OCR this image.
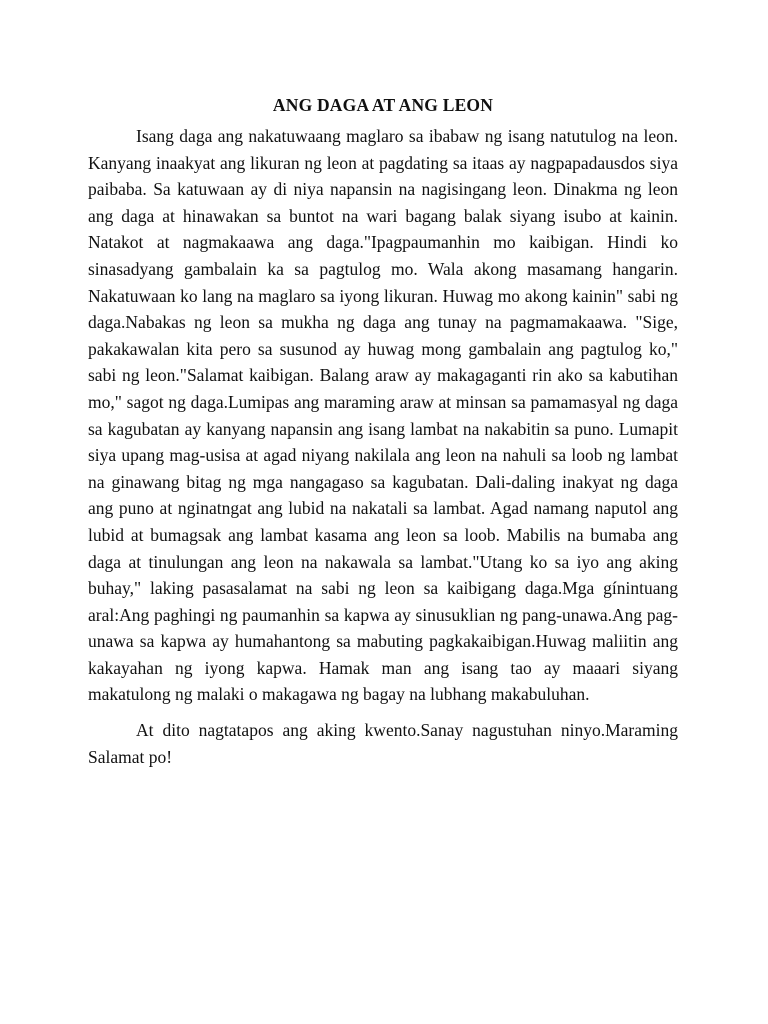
ANG DAGA AT ANG LEON

Isang daga ang nakatuwaang maglaro sa ibabaw ng isang natutulog na leon. Kanyang inaakyat ang likuran ng leon at pagdating sa itaas ay nagpapadausdos siya paibaba. Sa katuwaan ay di niya napansin na nagisingang leon. Dinakma ng leon ang daga at hinawakan sa buntot na wari bagang balak siyang isubo at kainin. Natakot at nagmakaawa ang daga."Ipagpaumanhin mo kaibigan. Hindi ko sinasadyang gambalain ka sa pagtulog mo. Wala akong masamang hangarin. Nakatuwaan ko lang na maglaro sa iyong likuran. Huwag mo akong kainin" sabi ng daga.Nabakas ng leon sa mukha ng daga ang tunay na pagmamakaawa. "Sige, pakakawalan kita pero sa susunod ay huwag mong gambalain ang pagtulog ko," sabi ng leon."Salamat kaibigan. Balang araw ay makagaganti rin ako sa kabutihan mo," sagot ng daga.Lumipas ang maraming araw at minsan sa pamamasyal ng daga sa kagubatan ay kanyang napansin ang isang lambat na nakabitin sa puno. Lumapit siya upang mag-usisa at agad niyang nakilala ang leon na nahuli sa loob ng lambat na ginawang bitag ng mga nangagaso sa kagubatan. Dali-daling inakyat ng daga ang puno at nginatngat ang lubid na nakatali sa lambat. Agad namang naputol ang lubid at bumagsak ang lambat kasama ang leon sa loob. Mabilis na bumaba ang daga at tinulungan ang leon na nakawala sa lambat."Utang ko sa iyo ang aking buhay," laking pasasalamat na sabi ng leon sa kaibigang daga.Mga gínintuang aral:Ang paghingi ng paumanhin sa kapwa ay sinusuklian ng pang-unawa.Ang pag-unawa sa kapwa ay humahantong sa mabuting pagkakaibigan.Huwag maliitin ang kakayahan ng iyong kapwa. Hamak man ang isang tao ay maaari siyang makatulong ng malaki o makagawa ng bagay na lubhang makabuluhan.

At dito nagtatapos ang aking kwento.Sanay nagustuhan ninyo.Maraming Salamat po!
